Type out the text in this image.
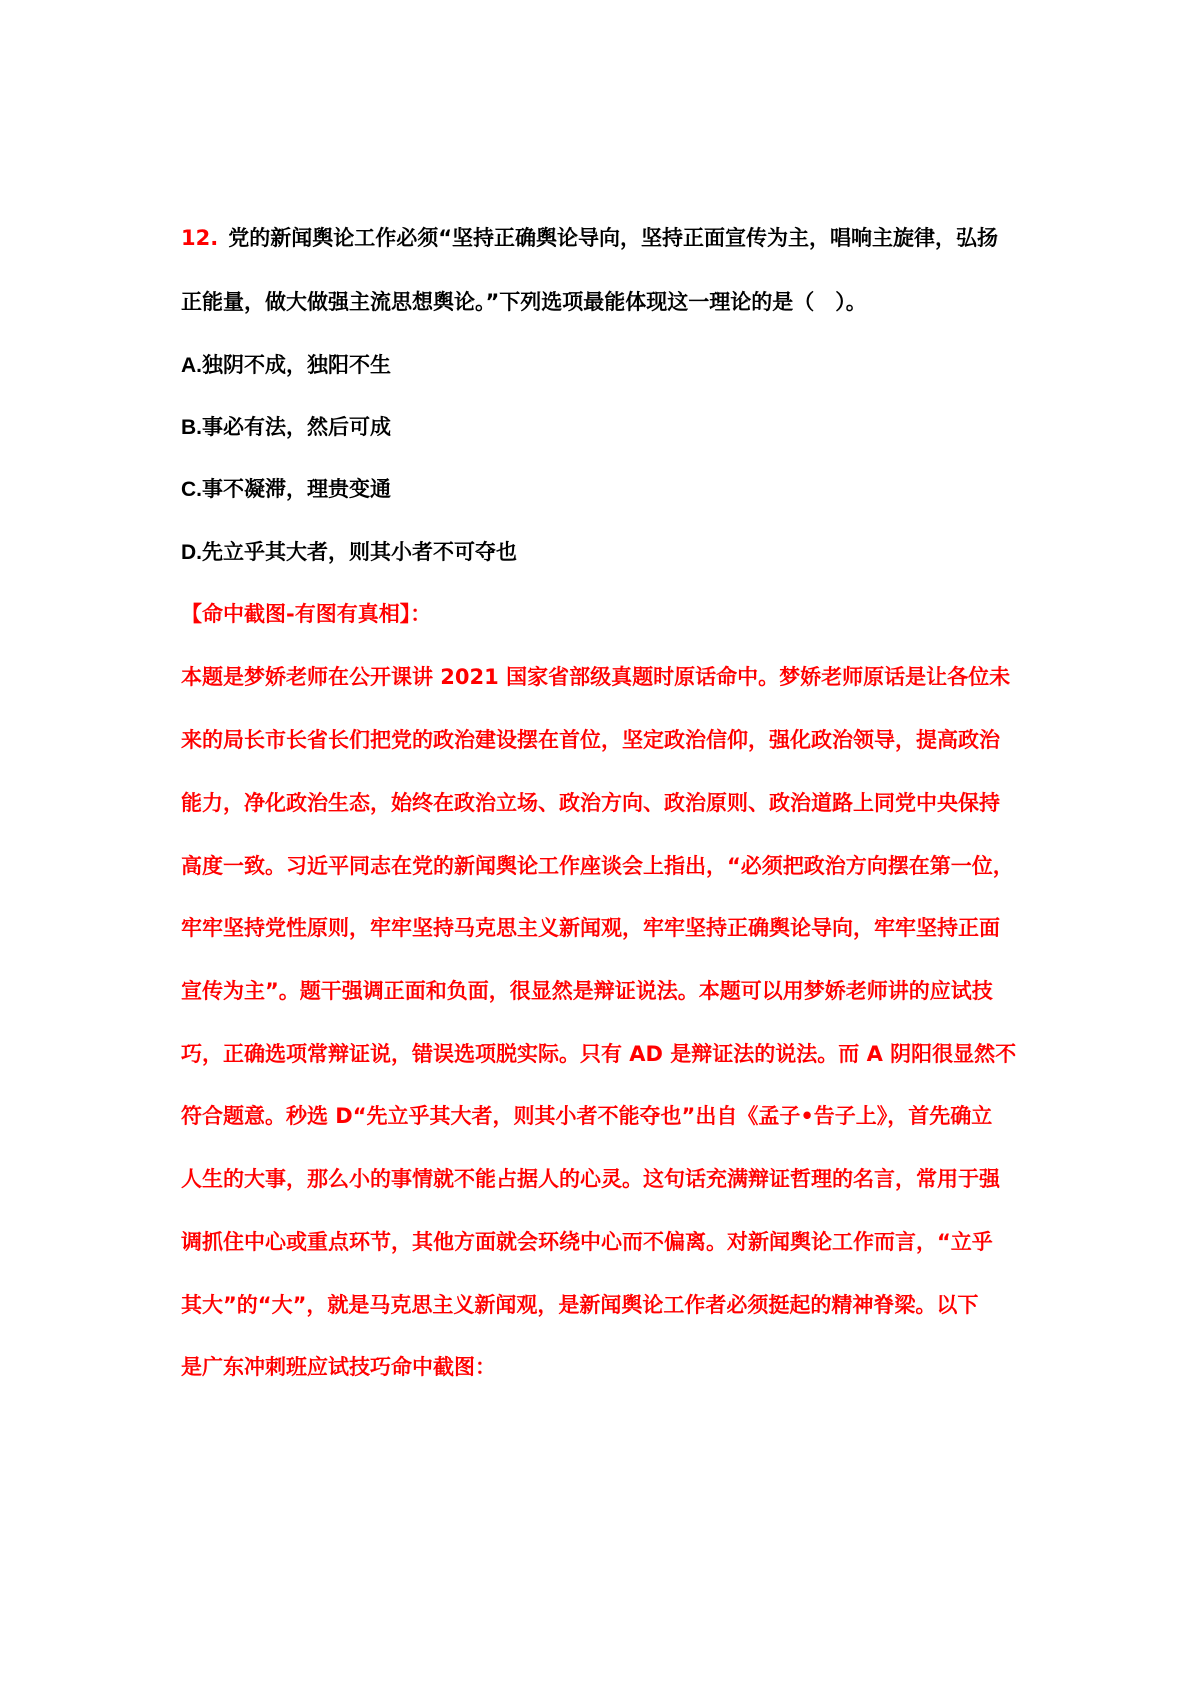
12. 党的新闻舆论工作必须“坚持正确舆论导向，坚持正面宣传为主，唱响主旋律，弘扬
正能量，做大做强主流思想舆论。”下列选项最能体现这一理论的是（　）。
A.独阴不成，独阳不生
B.事必有法，然后可成
C.事不凝滞，理贵变通
D.先立乎其大者，则其小者不可夺也
【命中截图-有图有真相】：
本题是梦娇老师在公开课讲 2021 国家省部级真题时原话命中。梦娇老师原话是让各位未
来的局长市长省长们把党的政治建设摆在首位，坚定政治信仰，强化政治领导，提高政治
能力，净化政治生态，始终在政治立场、政治方向、政治原则、政治道路上同党中央保持
高度一致。习近平同志在党的新闻舆论工作座谈会上指出，“必须把政治方向摆在第一位，
牢牢坚持党性原则，牢牢坚持马克思主义新闻观，牢牢坚持正确舆论导向，牢牢坚持正面
宣传为主”。题干强调正面和负面，很显然是辩证说法。本题可以用梦娇老师讲的应试技
巧，正确选项常辩证说，错误选项脱实际。只有 AD 是辩证法的说法。而 A 阴阳很显然不
符合题意。秒选 D“先立乎其大者，则其小者不能夺也”出自《孟子•告子上》，首先确立
人生的大事，那么小的事情就不能占据人的心灵。这句话充满辩证哲理的名言，常用于强
调抓住中心或重点环节，其他方面就会环绕中心而不偏离。对新闻舆论工作而言，“立乎
其大”的“大”，就是马克思主义新闻观，是新闻舆论工作者必须挺起的精神脊梁。以下
是广东冲刺班应试技巧命中截图：
